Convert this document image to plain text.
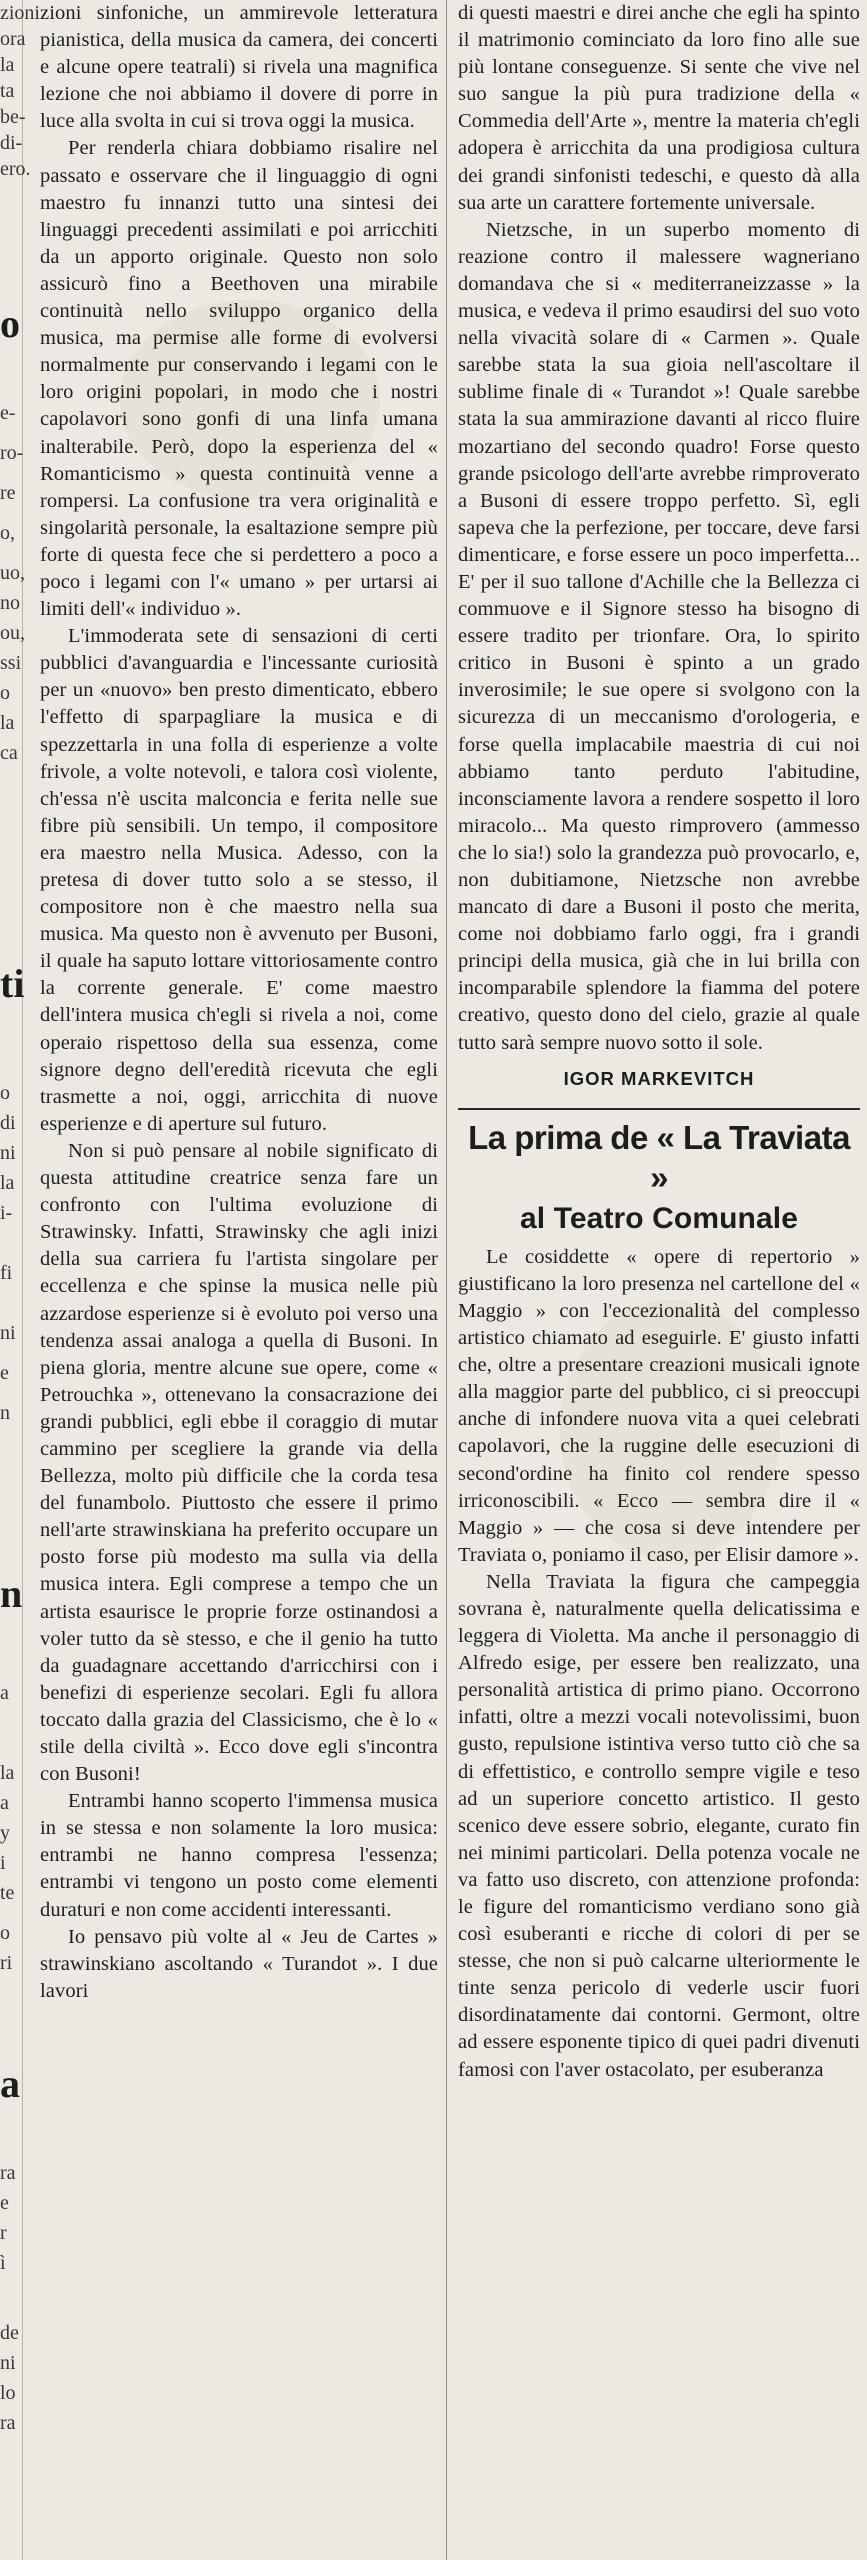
zioni
ora
la
ta
be-
di-
ero.
o
e-
ro-
re
o,
uo,
no
ou,
ssi
o
la
ca
ti
o
di
ni
la
i-
fi
ni
e
n
n
a
la
a
y
i
te
o
ri
a
ra
e
r
ì
de
ni
lo
ra

zioni sinfoniche, un ammirevole letteratura pianistica, della musica da camera, dei concerti e alcune opere teatrali) si rivela una magnifica lezione che noi abbiamo il dovere di porre in luce alla svolta in cui si trova oggi la musica.

Per renderla chiara dobbiamo risalire nel passato e osservare che il linguaggio di ogni maestro fu innanzi tutto una sintesi dei linguaggi precedenti assimilati e poi arricchiti da un apporto originale. Questo non solo assicurò fino a Beethoven una mirabile continuità nello sviluppo organico della musica, ma permise alle forme di evolversi normalmente pur conservando i legami con le loro origini popolari, in modo che i nostri capolavori sono gonfi di una linfa umana inalterabile. Però, dopo la esperienza del « Romanticismo » questa continuità venne a rompersi. La confusione tra vera originalità e singolarità personale, la esaltazione sempre più forte di questa fece che si perdettero a poco a poco i legami con l'« umano » per urtarsi ai limiti dell'« individuo ».

L'immoderata sete di sensazioni di certi pubblici d'avanguardia e l'incessante curiosità per un «nuovo» ben presto dimenticato, ebbero l'effetto di sparpagliare la musica e di spezzettarla in una folla di esperienze a volte frivole, a volte notevoli, e talora così violente, ch'essa n'è uscita malconcia e ferita nelle sue fibre più sensibili. Un tempo, il compositore era maestro nella Musica. Adesso, con la pretesa di dover tutto solo a se stesso, il compositore non è che maestro nella sua musica. Ma questo non è avvenuto per Busoni, il quale ha saputo lottare vittoriosamente contro la corrente generale. E' come maestro dell'intera musica ch'egli si rivela a noi, come operaio rispettoso della sua essenza, come signore degno dell'eredità ricevuta che egli trasmette a noi, oggi, arricchita di nuove esperienze e di aperture sul futuro.

Non si può pensare al nobile significato di questa attitudine creatrice senza fare un confronto con l'ultima evoluzione di Strawinsky. Infatti, Strawinsky che agli inizi della sua carriera fu l'artista singolare per eccellenza e che spinse la musica nelle più azzardose esperienze si è evoluto poi verso una tendenza assai analoga a quella di Busoni. In piena gloria, mentre alcune sue opere, come « Petrouchka », ottenevano la consacrazione dei grandi pubblici, egli ebbe il coraggio di mutar cammino per scegliere la grande via della Bellezza, molto più difficile che la corda tesa del funambolo. Piuttosto che essere il primo nell'arte strawinskiana ha preferito occupare un posto forse più modesto ma sulla via della musica intera. Egli comprese a tempo che un artista esaurisce le proprie forze ostinandosi a voler tutto da sè stesso, e che il genio ha tutto da guadagnare accettando d'arricchirsi con i benefizi di esperienze secolari. Egli fu allora toccato dalla grazia del Classicismo, che è lo « stile della civiltà ». Ecco dove egli s'incontra con Busoni!

Entrambi hanno scoperto l'immensa musica in se stessa e non solamente la loro musica: entrambi ne hanno compresa l'essenza; entrambi vi tengono un posto come elementi duraturi e non come accidenti interessanti.

Io pensavo più volte al « Jeu de Cartes » strawinskiano ascoltando « Turandot ». I due lavori

di questi maestri e direi anche che egli ha spinto il matrimonio cominciato da loro fino alle sue più lontane conseguenze. Si sente che vive nel suo sangue la più pura tradizione della « Commedia dell'Arte », mentre la materia ch'egli adopera è arricchita da una prodigiosa cultura dei grandi sinfonisti tedeschi, e questo dà alla sua arte un carattere fortemente universale.

Nietzsche, in un superbo momento di reazione contro il malessere wagneriano domandava che si « mediterraneizzasse » la musica, e vedeva il primo esaudirsi del suo voto nella vivacità solare di « Carmen ». Quale sarebbe stata la sua gioia nell'ascoltare il sublime finale di « Turandot »! Quale sarebbe stata la sua ammirazione davanti al ricco fluire mozartiano del secondo quadro! Forse questo grande psicologo dell'arte avrebbe rimproverato a Busoni di essere troppo perfetto. Sì, egli sapeva che la perfezione, per toccare, deve farsi dimenticare, e forse essere un poco imperfetta... E' per il suo tallone d'Achille che la Bellezza ci commuove e il Signore stesso ha bisogno di essere tradito per trionfare. Ora, lo spirito critico in Busoni è spinto a un grado inverosimile; le sue opere si svolgono con la sicurezza di un meccanismo d'orologeria, e forse quella implacabile maestria di cui noi abbiamo tanto perduto l'abitudine, inconsciamente lavora a rendere sospetto il loro miracolo... Ma questo rimprovero (ammesso che lo sia!) solo la grandezza può provocarlo, e, non dubitiamone, Nietzsche non avrebbe mancato di dare a Busoni il posto che merita, come noi dobbiamo farlo oggi, fra i grandi principi della musica, già che in lui brilla con incomparabile splendore la fiamma del potere creativo, questo dono del cielo, grazie al quale tutto sarà sempre nuovo sotto il sole.

IGOR MARKEVITCH
La prima de « La Traviata »
al Teatro Comunale

Le cosiddette « opere di repertorio » giustificano la loro presenza nel cartellone del « Maggio » con l'eccezionalità del complesso artistico chiamato ad eseguirle. E' giusto infatti che, oltre a presentare creazioni musicali ignote alla maggior parte del pubblico, ci si preoccupi anche di infondere nuova vita a quei celebrati capolavori, che la ruggine delle esecuzioni di second'ordine ha finito col rendere spesso irriconoscibili. « Ecco — sembra dire il « Maggio » — che cosa si deve intendere per Traviata o, poniamo il caso, per Elisir damore ».

Nella Traviata la figura che campeggia sovrana è, naturalmente quella delicatissima e leggera di Violetta. Ma anche il personaggio di Alfredo esige, per essere ben realizzato, una personalità artistica di primo piano. Occorrono infatti, oltre a mezzi vocali notevolissimi, buon gusto, repulsione istintiva verso tutto ciò che sa di effettistico, e controllo sempre vigile e teso ad un superiore concetto artistico. Il gesto scenico deve essere sobrio, elegante, curato fin nei minimi particolari. Della potenza vocale ne va fatto uso discreto, con attenzione profonda: le figure del romanticismo verdiano sono già così esuberanti e ricche di colori di per se stesse, che non si può calcarne ulteriormente le tinte senza pericolo di vederle uscir fuori disordinatamente dai contorni. Germont, oltre ad essere esponente tipico di quei padri divenuti famosi con l'aver ostacolato, per esuberanza
